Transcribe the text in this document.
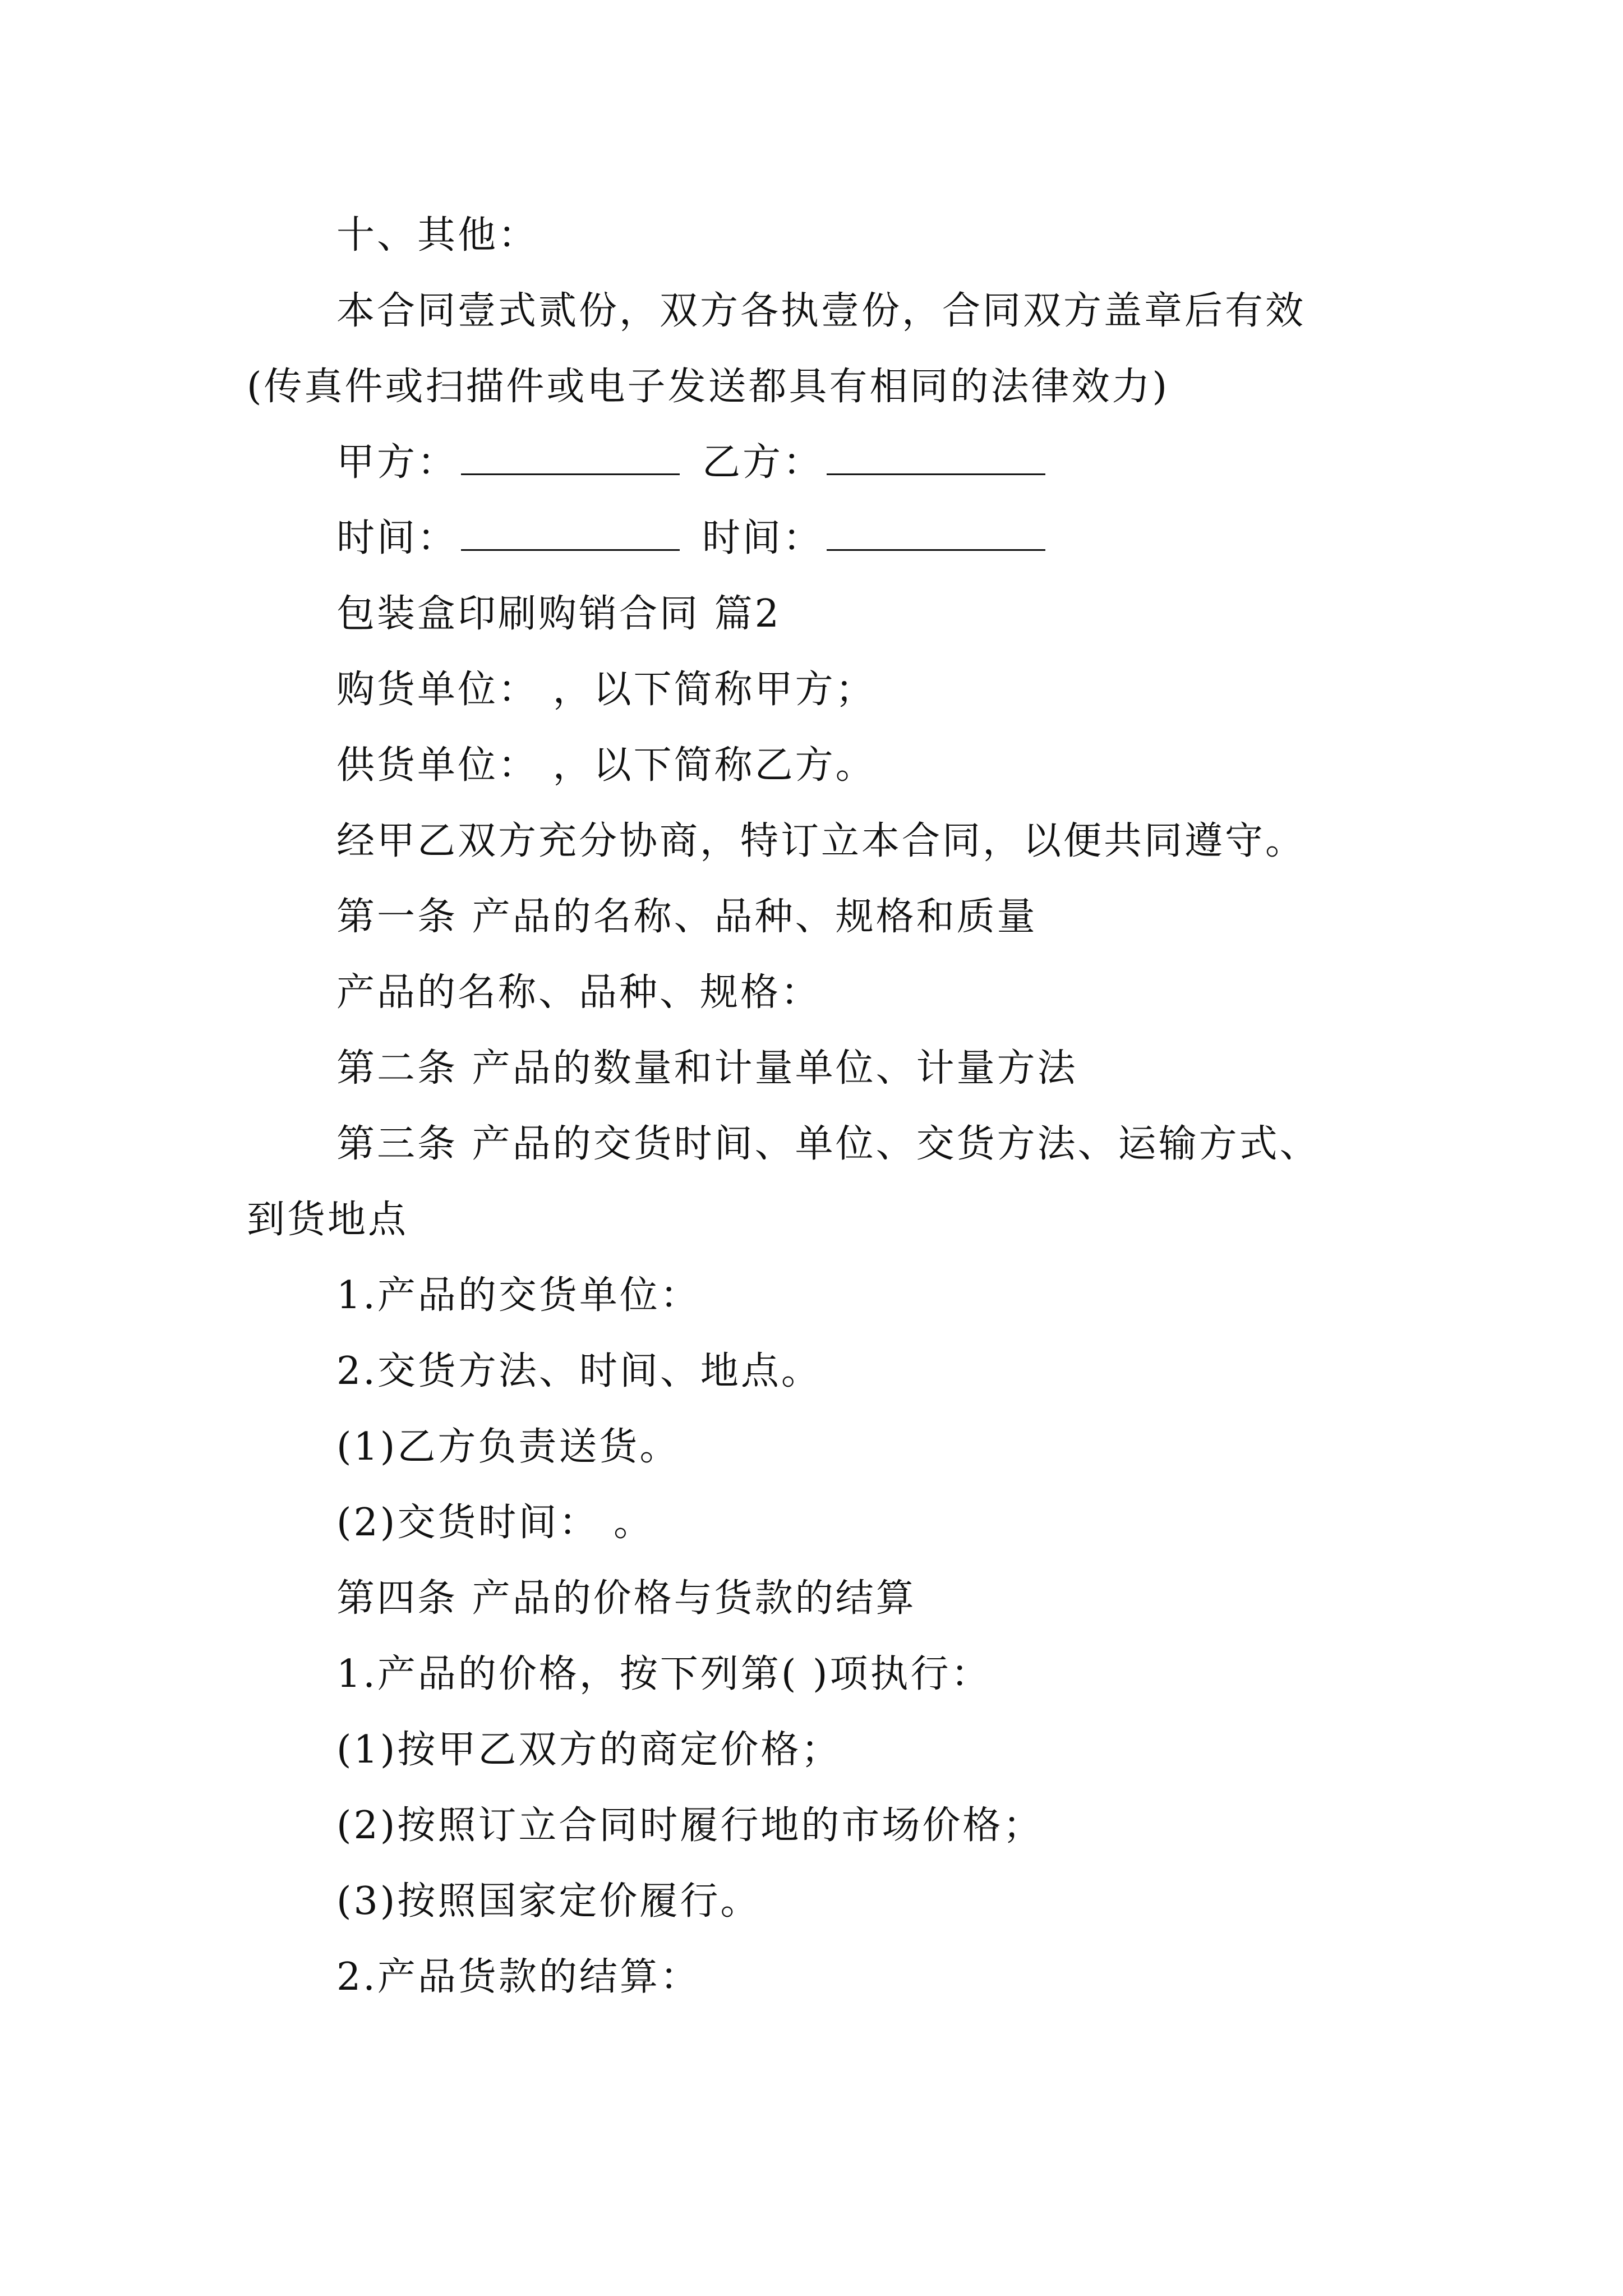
十、其他：
本合同壹式贰份，双方各执壹份，合同双方盖章后有效
(传真件或扫描件或电子发送都具有相同的法律效力)
甲方：	乙方：
时间：	时间：
包装盒印刷购销合同 篇2
购货单位： ，以下简称甲方；
供货单位： ，以下简称乙方。
经甲乙双方充分协商，特订立本合同，以便共同遵守。
第一条 产品的名称、品种、规格和质量
产品的名称、品种、规格：
第二条 产品的数量和计量单位、计量方法
第三条 产品的交货时间、单位、交货方法、运输方式、
到货地点
1.产品的交货单位：
2.交货方法、时间、地点。
(1)乙方负责送货。
(2)交货时间： 。
第四条 产品的价格与货款的结算
1.产品的价格，按下列第( )项执行：
(1)按甲乙双方的商定价格；
(2)按照订立合同时履行地的市场价格；
(3)按照国家定价履行。
2.产品货款的结算：
